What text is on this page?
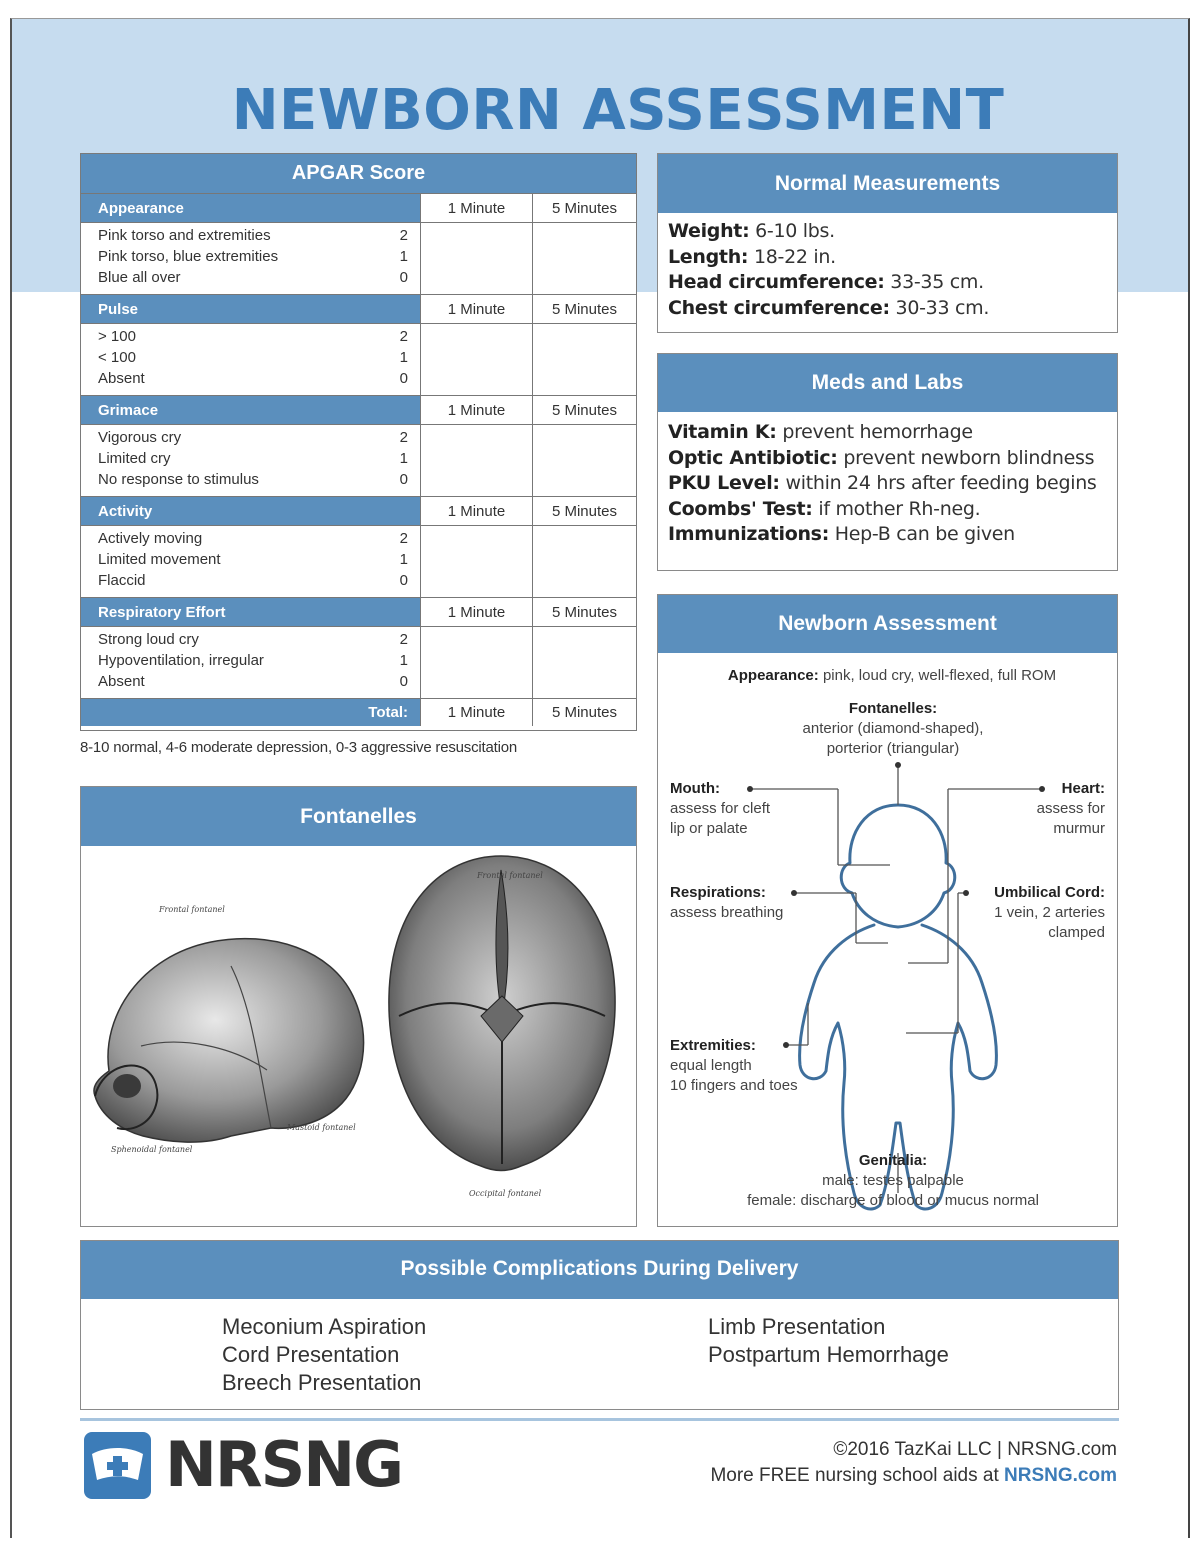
NEWBORN ASSESSMENT
APGAR Score
Appearance	1 Minute	5 Minutes
Pink torso and extremities	2
Pink torso, blue extremities	1
Blue all over	0
Pulse	1 Minute	5 Minutes
> 100	2
< 100	1
Absent	0
Grimace	1 Minute	5 Minutes
Vigorous cry	2
Limited cry	1
No response to stimulus	0
Activity	1 Minute	5 Minutes
Actively moving	2
Limited movement	1
Flaccid	0
Respiratory Effort	1 Minute	5 Minutes
Strong loud cry	2
Hypoventilation, irregular	1
Absent	0
Total:	1 Minute	5 Minutes
8-10 normal, 4-6 moderate depression, 0-3 aggressive resuscitation
Normal Measurements
Weight: 6-10 lbs.
Length: 18-22 in.
Head circumference: 33-35 cm.
Chest circumference: 30-33 cm.
Meds and Labs
Vitamin K: prevent hemorrhage
Optic Antibiotic: prevent newborn blindness
PKU Level: within 24 hrs after feeding begins
Coombs' Test: if mother Rh-neg.
Immunizations: Hep-B can be given
Newborn Assessment
Appearance: pink, loud cry, well-flexed, full ROM
Fontanelles:
anterior (diamond-shaped),
porterior (triangular)
Mouth:
assess for cleft
lip or palate
Heart:
assess for
murmur
Respirations:
assess breathing
Umbilical Cord:
1 vein, 2 arteries
clamped
Extremities:
equal length
10 fingers and toes
Genitalia:
male: testes palpable
female: discharge of blood or mucus normal
Fontanelles
Frontal fontanel
Mastoid fontanel
Sphenoidal fontanel
Frontal fontanel
Occipital fontanel
Possible Complications During Delivery
Meconium Aspiration
Cord Presentation
Breech Presentation
Limb Presentation
Postpartum Hemorrhage
NRSNG	©2016 TazKai LLC | NRSNG.com
More FREE nursing school aids at NRSNG.com
